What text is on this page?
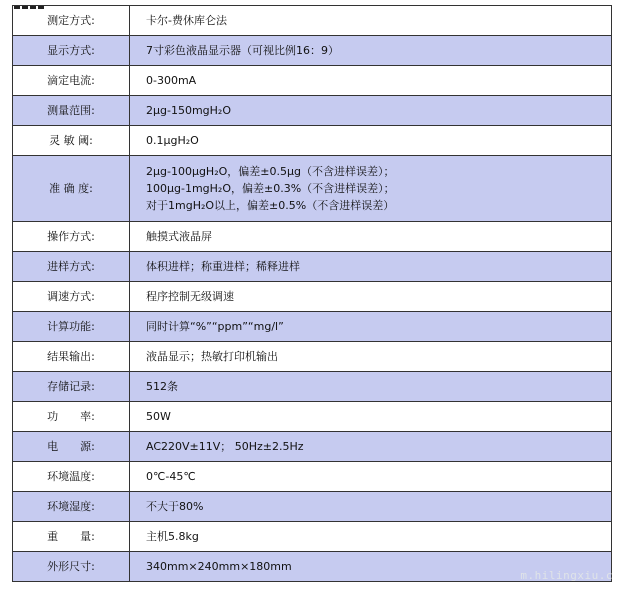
测定方式:	卡尔-费休库仑法
显示方式:	7寸彩色液晶显示器（可视比例16：9）
滴定电流:	0-300mA
测量范围:	2μg-150mgH₂O
灵 敏 阈:	0.1μgH₂O
准 确 度:	2μg-100μgH₂O，偏差±0.5μg（不含进样误差）；
100μg-1mgH₂O，偏差±0.3%（不含进样误差）；
对于1mgH₂O以上，偏差±0.5%（不含进样误差）

操作方式:	触摸式液晶屏
进样方式:	体积进样；称重进样；稀释进样
调速方式:	程序控制无级调速
计算功能:	同时计算“%”“ppm”“mg/l”
结果输出:	液晶显示；热敏打印机输出
存储记录:	512条
功　　率:	50W
电　　源:	AC220V±11V； 50Hz±2.5Hz
环境温度:	0℃-45℃
环境湿度:	不大于80%
重　　量:	主机5.8kg
外形尺寸:	340mm×240mm×180mm
m.hilingxiu.c
